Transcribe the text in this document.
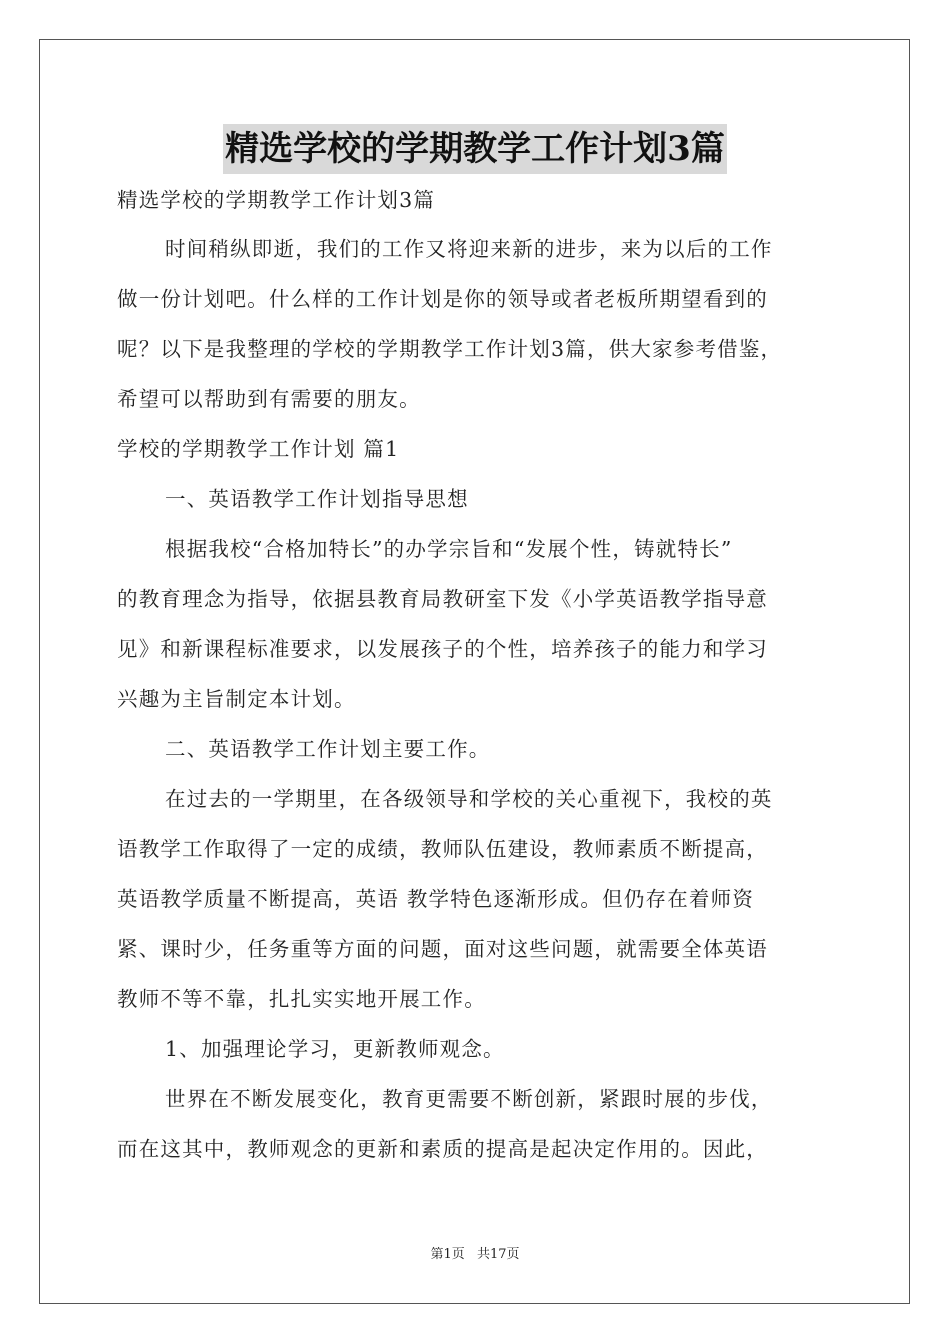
精选学校的学期教学工作计划3篇
精选学校的学期教学工作计划3篇
时间稍纵即逝，我们的工作又将迎来新的进步，来为以后的工作
做一份计划吧。什么样的工作计划是你的领导或者老板所期望看到的
呢？以下是我整理的学校的学期教学工作计划3篇，供大家参考借鉴，
希望可以帮助到有需要的朋友。
学校的学期教学工作计划 篇1
一、英语教学工作计划指导思想
根据我校“合格加特长”的办学宗旨和“发展个性，铸就特长”
的教育理念为指导，依据县教育局教研室下发《小学英语教学指导意
见》和新课程标准要求，以发展孩子的个性，培养孩子的能力和学习
兴趣为主旨制定本计划。
二、英语教学工作计划主要工作。
在过去的一学期里，在各级领导和学校的关心重视下，我校的英
语教学工作取得了一定的成绩，教师队伍建设，教师素质不断提高，
英语教学质量不断提高，英语 教学特色逐渐形成。但仍存在着师资
紧、课时少，任务重等方面的问题，面对这些问题，就需要全体英语
教师不等不靠，扎扎实实地开展工作。
1、加强理论学习，更新教师观念。
世界在不断发展变化，教育更需要不断创新，紧跟时展的步伐，
而在这其中，教师观念的更新和素质的提高是起决定作用的。因此，
第1页 共17页
